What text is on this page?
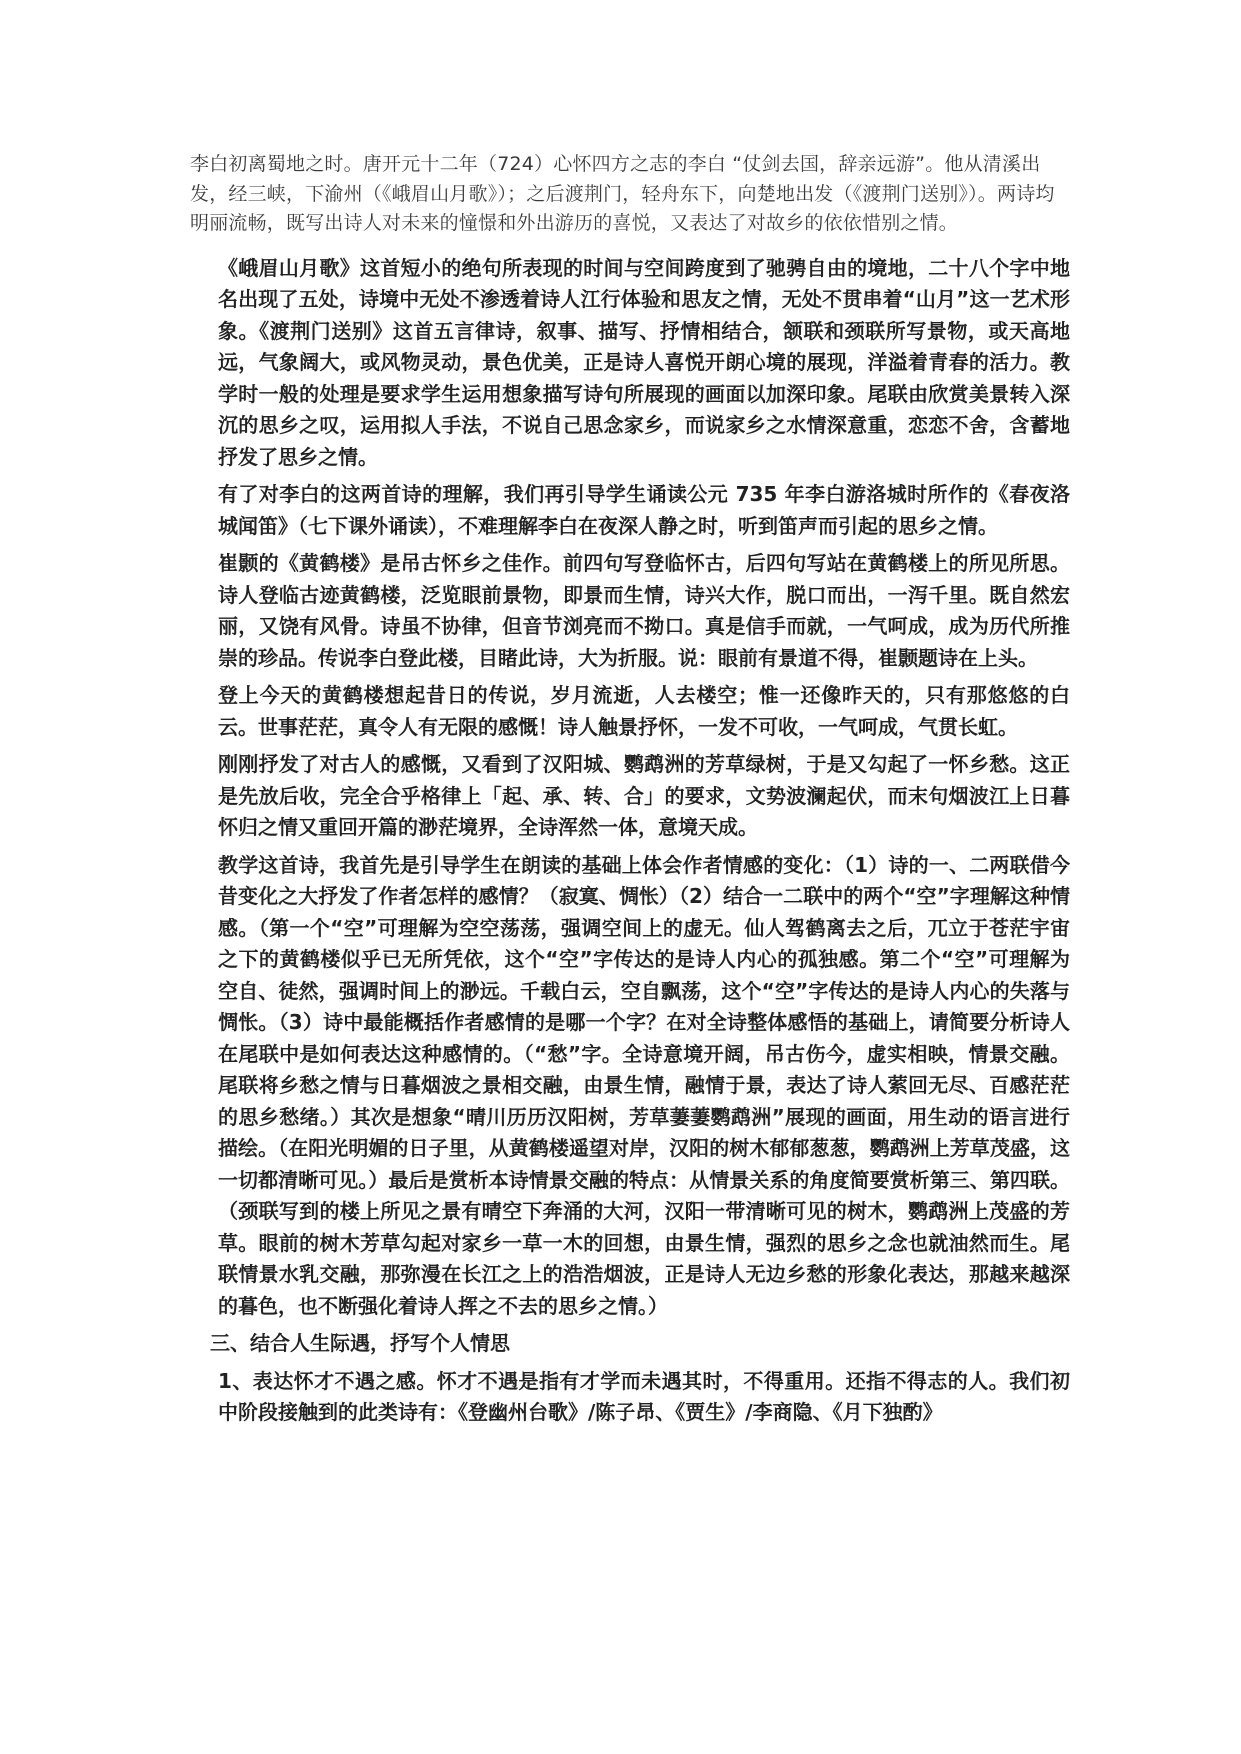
李白初离蜀地之时。唐开元十二年（724）心怀四方之志的李白 “仗剑去国，辞亲远游”。他从清溪出发，经三峡，下渝州（《峨眉山月歌》）；之后渡荆门，轻舟东下，向楚地出发（《渡荆门送别》）。两诗均明丽流畅，既写出诗人对未来的憧憬和外出游历的喜悦，又表达了对故乡的依依惜别之情。

《峨眉山月歌》这首短小的绝句所表现的时间与空间跨度到了驰骋自由的境地，二十八个字中地名出现了五处，诗境中无处不渗透着诗人江行体验和思友之情，无处不贯串着“山月”这一艺术形象。《渡荆门送别》这首五言律诗，叙事、描写、抒情相结合，颔联和颈联所写景物，或天高地远，气象阔大，或风物灵动，景色优美，正是诗人喜悦开朗心境的展现，洋溢着青春的活力。教学时一般的处理是要求学生运用想象描写诗句所展现的画面以加深印象。尾联由欣赏美景转入深沉的思乡之叹，运用拟人手法，不说自己思念家乡，而说家乡之水情深意重，恋恋不舍，含蓄地抒发了思乡之情。

有了对李白的这两首诗的理解，我们再引导学生诵读公元 735 年李白游洛城时所作的《春夜洛城闻笛》（七下课外诵读），不难理解李白在夜深人静之时，听到笛声而引起的思乡之情。

崔颢的《黄鹤楼》是吊古怀乡之佳作。前四句写登临怀古，后四句写站在黄鹤楼上的所见所思。诗人登临古迹黄鹤楼，泛览眼前景物，即景而生情，诗兴大作，脱口而出，一泻千里。既自然宏丽，又饶有风骨。诗虽不协律，但音节浏亮而不拗口。真是信手而就，一气呵成，成为历代所推崇的珍品。传说李白登此楼，目睹此诗，大为折服。说：眼前有景道不得，崔颢题诗在上头。

登上今天的黄鹤楼想起昔日的传说，岁月流逝，人去楼空；惟一还像昨天的，只有那悠悠的白云。世事茫茫，真令人有无限的感慨！诗人触景抒怀，一发不可收，一气呵成，气贯长虹。

刚刚抒发了对古人的感慨，又看到了汉阳城、鹦鹉洲的芳草绿树，于是又勾起了一怀乡愁。这正是先放后收，完全合乎格律上「起、承、转、合」的要求，文势波澜起伏，而末句烟波江上日暮怀归之情又重回开篇的渺茫境界，全诗浑然一体，意境天成。

教学这首诗，我首先是引导学生在朗读的基础上体会作者情感的变化：（1）诗的一、二两联借今昔变化之大抒发了作者怎样的感情？（寂寞、惆怅）（2）结合一二联中的两个“空”字理解这种情感。（第一个“空”可理解为空空荡荡，强调空间上的虚无。仙人驾鹤离去之后，兀立于苍茫宇宙之下的黄鹤楼似乎已无所凭依，这个“空”字传达的是诗人内心的孤独感。第二个“空”可理解为空自、徒然，强调时间上的渺远。千载白云，空自飘荡，这个“空”字传达的是诗人内心的失落与惆怅。（3）诗中最能概括作者感情的是哪一个字？在对全诗整体感悟的基础上，请简要分析诗人在尾联中是如何表达这种感情的。（“愁”字。全诗意境开阔，吊古伤今，虚实相映，情景交融。尾联将乡愁之情与日暮烟波之景相交融，由景生情，融情于景，表达了诗人萦回无尽、百感茫茫的思乡愁绪。）其次是想象“晴川历历汉阳树，芳草萋萋鹦鹉洲”展现的画面，用生动的语言进行描绘。（在阳光明媚的日子里，从黄鹤楼遥望对岸，汉阳的树木郁郁葱葱，鹦鹉洲上芳草茂盛，这一切都清晰可见。）最后是赏析本诗情景交融的特点：从情景关系的角度简要赏析第三、第四联。（颈联写到的楼上所见之景有晴空下奔涌的大河，汉阳一带清晰可见的树木，鹦鹉洲上茂盛的芳草。眼前的树木芳草勾起对家乡一草一木的回想，由景生情，强烈的思乡之念也就油然而生。尾联情景水乳交融，那弥漫在长江之上的浩浩烟波，正是诗人无边乡愁的形象化表达，那越来越深的暮色，也不断强化着诗人挥之不去的思乡之情。）

三、结合人生际遇，抒写个人情思

1、表达怀才不遇之感。怀才不遇是指有才学而未遇其时，不得重用。还指不得志的人。我们初中阶段接触到的此类诗有：《登幽州台歌》/陈子昂、《贾生》/李商隐、《月下独酌》
